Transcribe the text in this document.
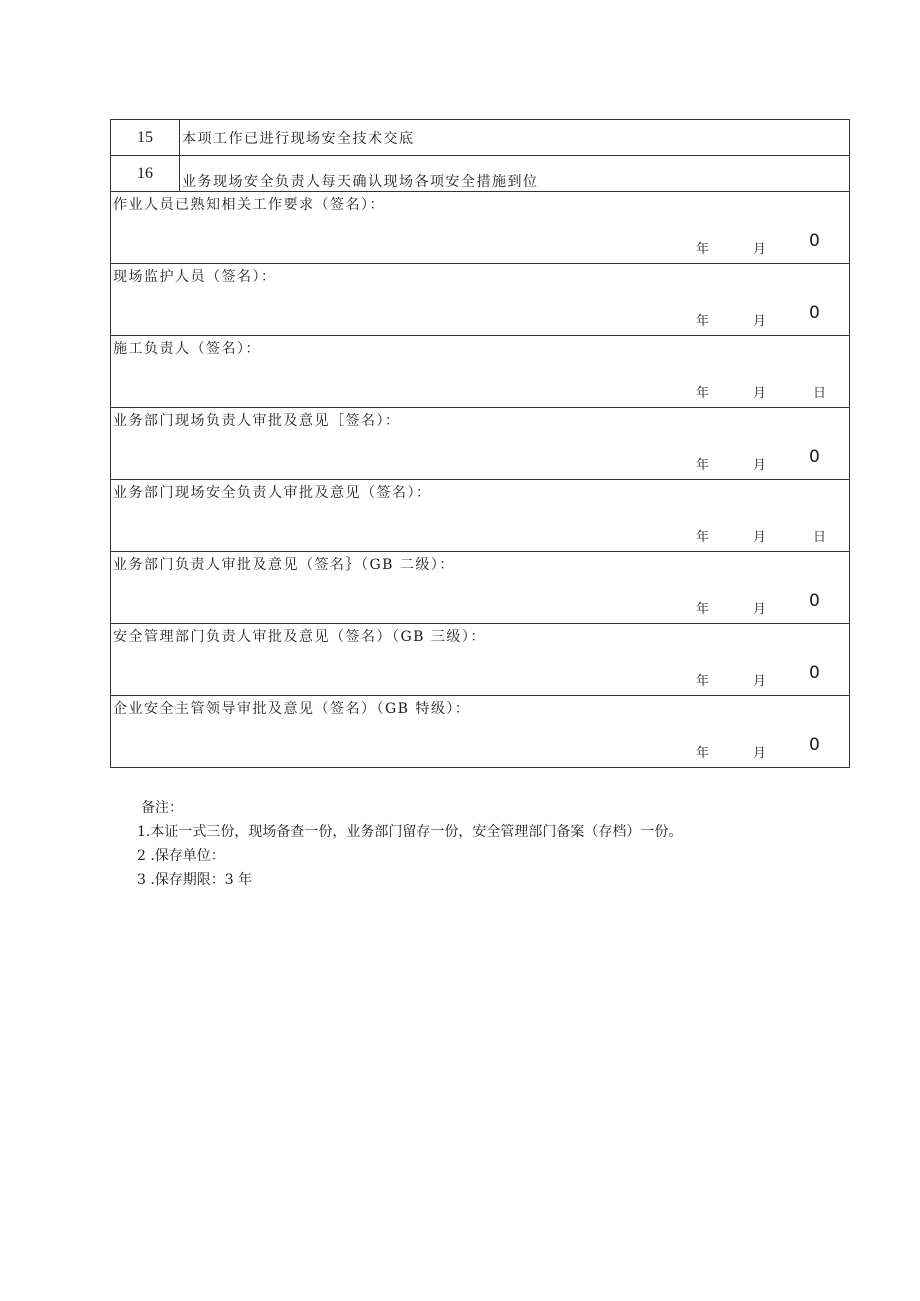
15	本项工作已进行现场安全技术交底
16	业务现场安全负责人每天确认现场各项安全措施到位

作业人员已熟知相关工作要求（签名）：
年 月 0	

现场监护人员（签名）：
年 月 0	

施工负责人（签名）：
年 月 日	

业务部门现场负责人审批及意见［签名）：
年 月 0	

业务部门现场安全负责人审批及意见（签名）：
年 月 日	

业务部门负责人审批及意见（签名｝（GB 二级）：
年 月 0	

安全管理部门负责人审批及意见（签名）（GB 三级）：
年 月 0	

企业安全主管领导审批及意见（签名）（GB 特级）：
年 月 0	
备注：
1.本证一式三份，现场备查一份，业务部门留存一份，安全管理部门备案（存档）一份。
2 .保存单位：
3 .保存期限：3 年
